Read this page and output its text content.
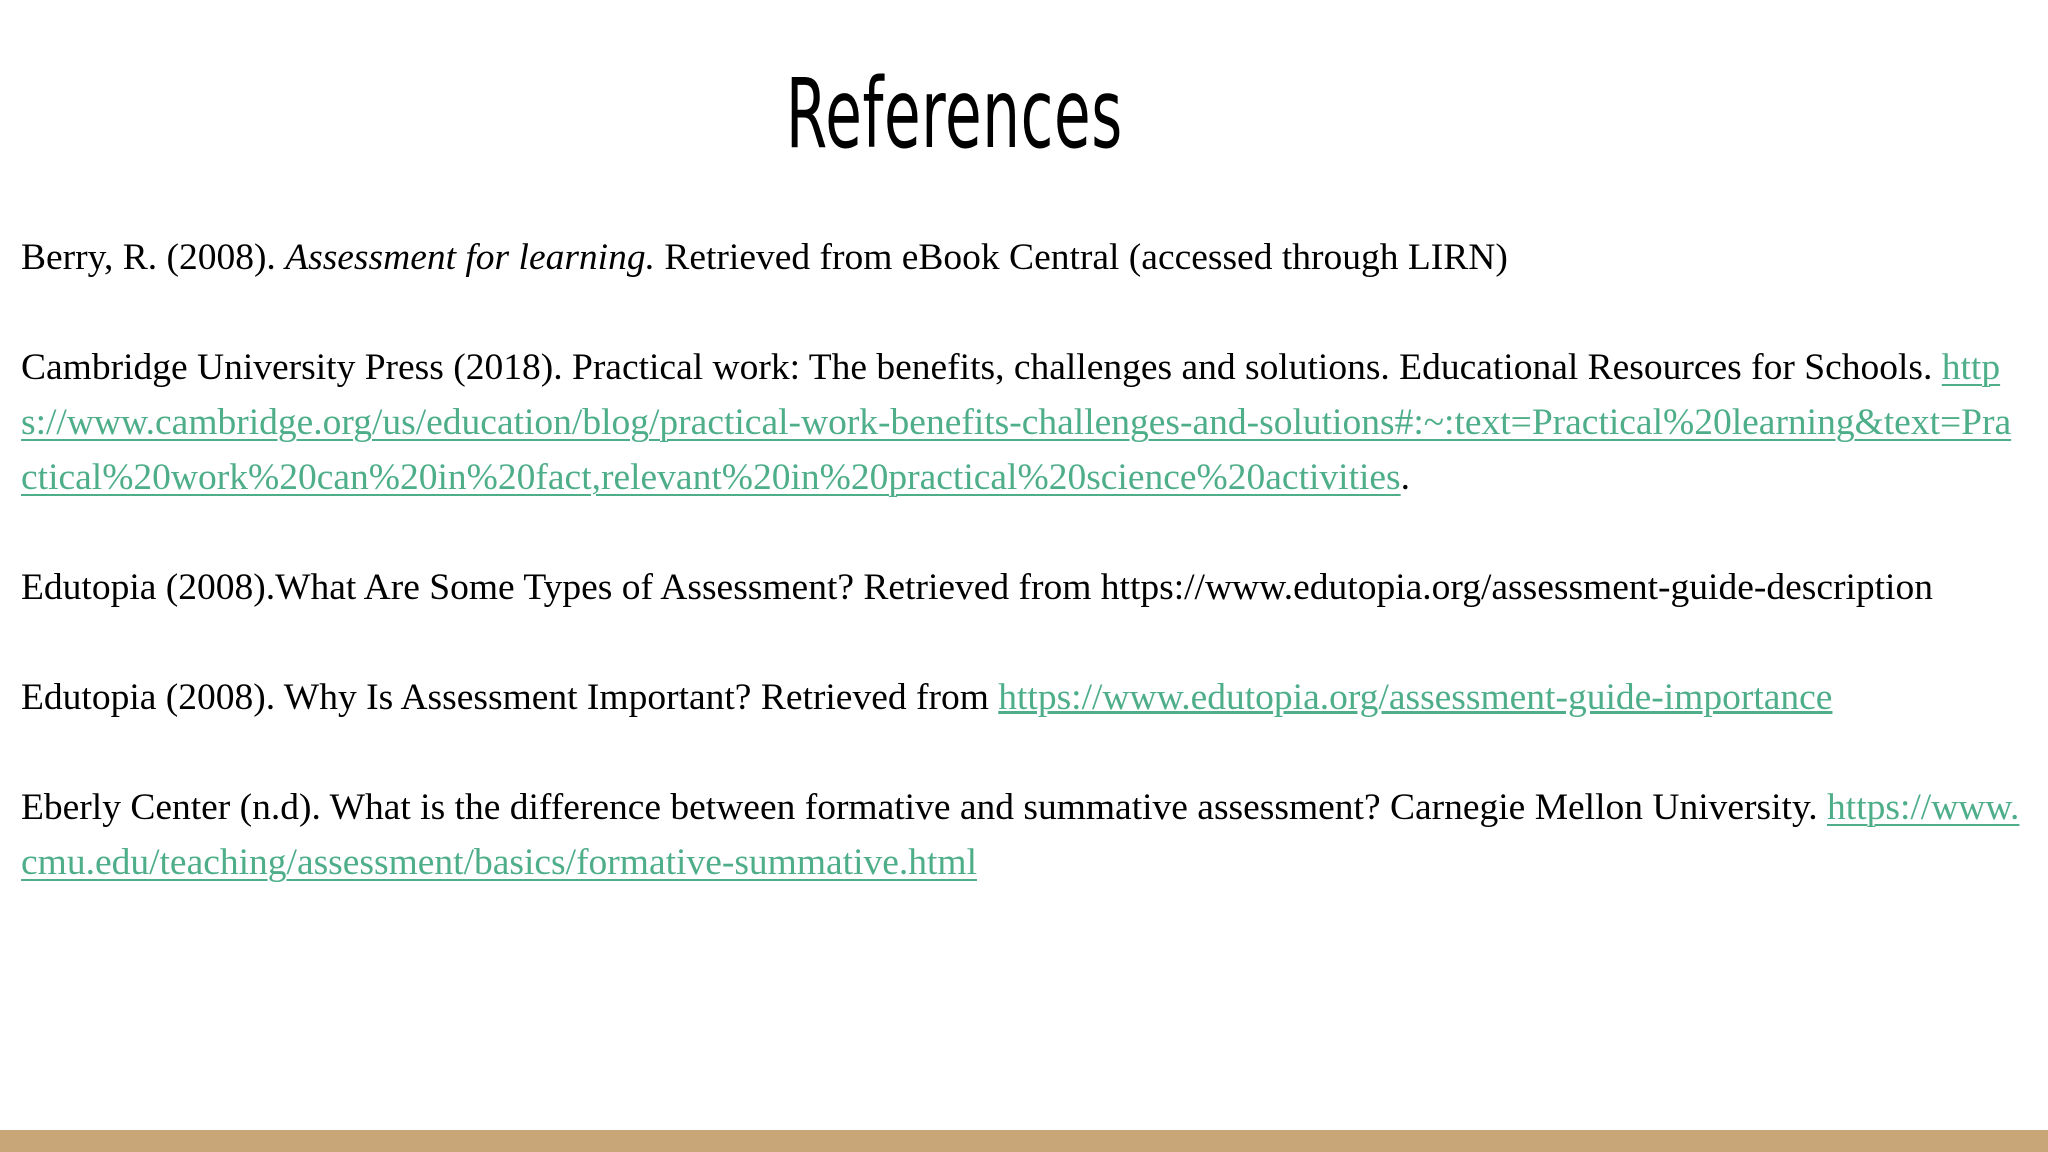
References

Berry, R. (2008). Assessment for learning. Retrieved from eBook Central (accessed through LIRN)

Cambridge University Press (2018). Practical work: The benefits, challenges and solutions. Educational Resources for Schools. https://www.cambridge.org/us/education/blog/practical-work-benefits-challenges-and-solutions#:~:text=Practical%20learning&text=Practical%20work%20can%20in%20fact,relevant%20in%20practical%20science%20activities.

Edutopia (2008).What Are Some Types of Assessment? Retrieved from https://www.edutopia.org/assessment-guide-description

Edutopia (2008). Why Is Assessment Important? Retrieved from https://www.edutopia.org/assessment-guide-importance

Eberly Center (n.d). What is the difference between formative and summative assessment? Carnegie Mellon University. https://www.cmu.edu/teaching/assessment/basics/formative-summative.html
